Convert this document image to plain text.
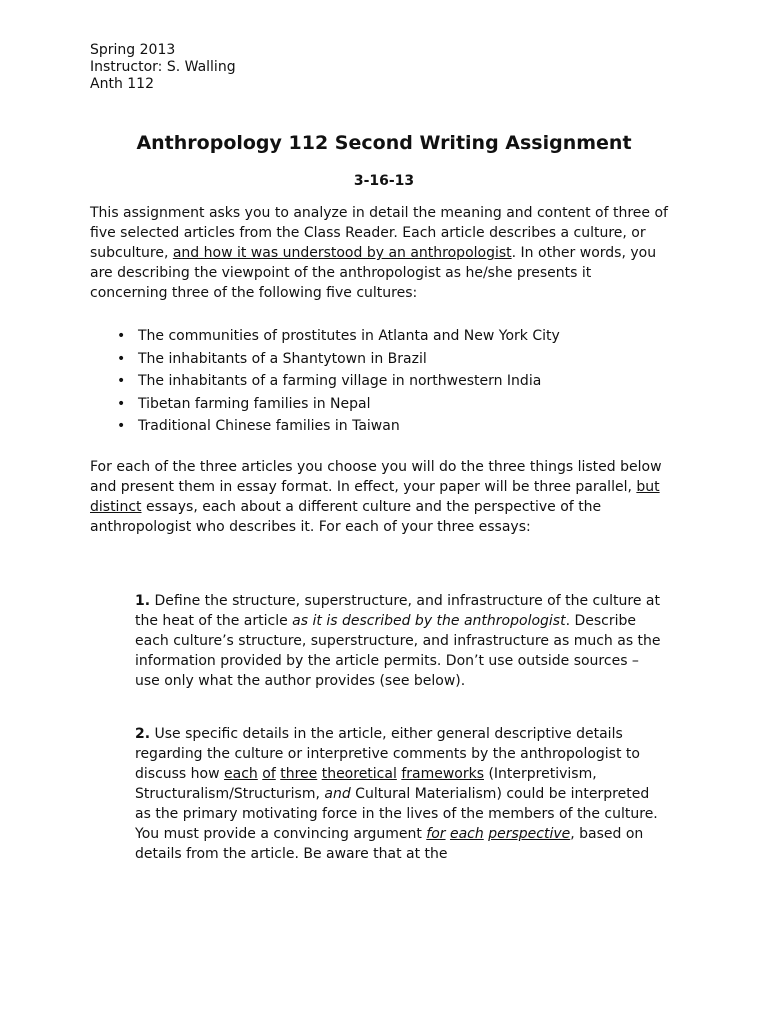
Spring 2013
Instructor: S. Walling
Anth 112
Anthropology 112 Second Writing Assignment
3-16-13

This assignment asks you to analyze in detail the meaning and content of three of five selected articles from the Class Reader. Each article describes a culture, or subculture, and how it was understood by an anthropologist. In other words, you are describing the viewpoint of the anthropologist as he/she presents it concerning three of the following five cultures:

• The communities of prostitutes in Atlanta and New York City
• The inhabitants of a Shantytown in Brazil
• The inhabitants of a farming village in northwestern India
• Tibetan farming families in Nepal
• Traditional Chinese families in Taiwan

For each of the three articles you choose you will do the three things listed below and present them in essay format. In effect, your paper will be three parallel, but distinct essays, each about a different culture and the perspective of the anthropologist who describes it. For each of your three essays:

1. Define the structure, superstructure, and infrastructure of the culture at the heat of the article as it is described by the anthropologist. Describe each culture’s structure, superstructure, and infrastructure as much as the information provided by the article permits. Don’t use outside sources – use only what the author provides (see below).

2. Use specific details in the article, either general descriptive details regarding the culture or interpretive comments by the anthropologist to discuss how each of three theoretical frameworks (Interpretivism, Structuralism/Structurism, and Cultural Materialism) could be interpreted as the primary motivating force in the lives of the members of the culture. You must provide a convincing argument for each perspective, based on details from the article. Be aware that at the
